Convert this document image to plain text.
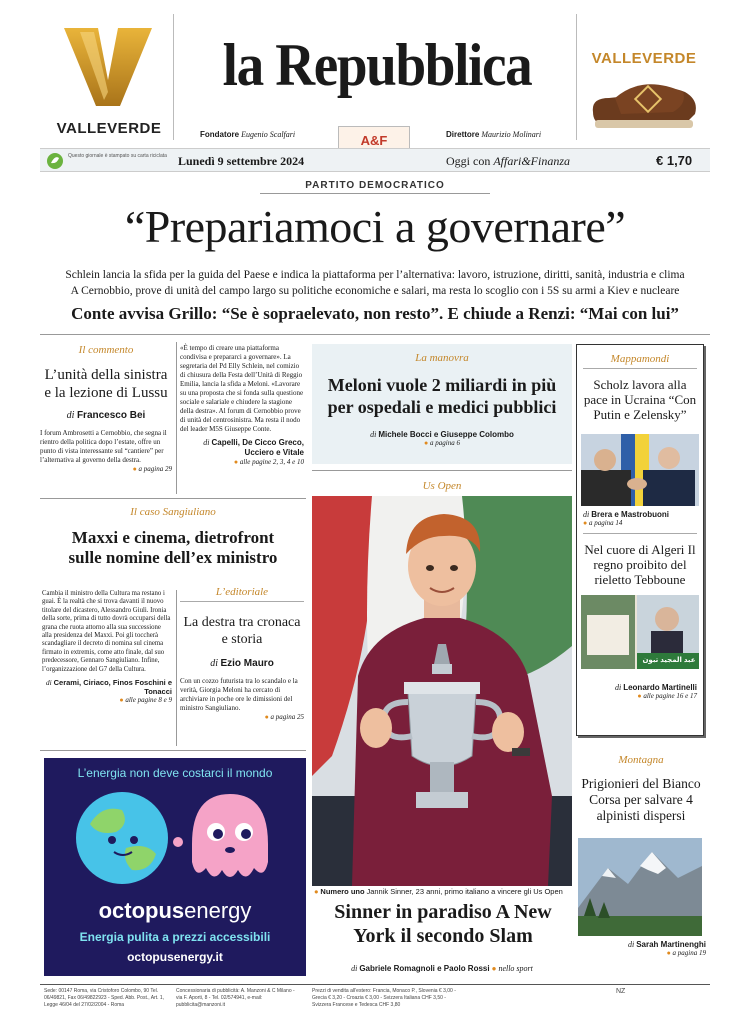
VALLEVERDE
la Repubblica
Fondatore Eugenio Scalfari	A&F	Direttore Maurizio Molinari
VALLEVERDE
Questo giornale è stampato su carta riciclata Lunedì 9 settembre 2024	Oggi con Affari&Finanza	€ 1,70
PARTITO DEMOCRATICO
“Prepariamoci a governare”
Schlein lancia la sfida per la guida del Paese e indica la piattaforma per l’alternativa: lavoro, istruzione, diritti, sanità, industria e clima
A Cernobbio, prove di unità del campo largo su politiche economiche e salari, ma resta lo scoglio con i 5S su armi a Kiev e nucleare
Conte avvisa Grillo: “Se è sopraelevato, non resto”. E chiude a Renzi: “Mai con lui”
Il commento
L’unità della sinistra e la lezione di Lussu
di Francesco Bei
I forum Ambrosetti a Cernobbio, che segna il rientro della politica dopo l’estate, offre un punto di vista interessante sul “cantiere” per l’alternativa al governo della destra.
● a pagina 29
«È tempo di creare una piattaforma condivisa e prepararci a governare». La segretaria del Pd Elly Schlein, nel comizio di chiusura della Festa dell’Unità di Reggio Emilia, lancia la sfida a Meloni. «Lavorare su una proposta che si fonda sulla questione sociale e salariale e chiudere la stagione della destra». Al forum di Cernobbio prove di unità del centrosinistra. Ma resta il nodo del leader M5S Giuseppe Conte.
di Capelli, De Cicco Greco, Ucciero e Vitale
● alle pagine 2, 3, 4 e 10
La manovra
Meloni vuole 2 miliardi in più per ospedali e medici pubblici
di Michele Bocci e Giuseppe Colombo
● a pagina 6
Us Open
● Numero uno Jannik Sinner, 23 anni, primo italiano a vincere gli Us Open
Sinner in paradiso A New York il secondo Slam
di Gabriele Romagnoli e Paolo Rossi ● nello sport
Mappamondi
Scholz lavora alla pace in Ucraina “Con Putin e Zelensky”
di Brera e Mastrobuoni
● a pagina 14
Nel cuore di Algeri Il regno proibito del rieletto Tebboune
عبد المجيد تبون
di Leonardo Martinelli
● alle pagine 16 e 17
Montagna
Prigionieri del Bianco Corsa per salvare 4 alpinisti dispersi
di Sarah Martinenghi
● a pagina 19
Il caso Sangiuliano
Maxxi e cinema, dietrofront sulle nomine dell’ex ministro
Cambia il ministro della Cultura ma restano i guai. È la realtà che si trova davanti il nuovo titolare del dicastero, Alessandro Giuli. Ironia della sorte, prima di tutto dovrà occuparsi della grana che ruota attorno alla sua successione alla presidenza del Maxxi. Poi gli toccherà scandagliare il decreto di nomina sul cinema firmato in extremis, come atto finale, dal suo predecessore, Gennaro Sangiuliano. Infine, l’organizzazione del G7 della Cultura.
di Cerami, Ciriaco, Finos Foschini e Tonacci
● alle pagine 8 e 9
L’editoriale
La destra tra cronaca e storia
di Ezio Mauro
Con un cozzo futurista tra lo scandalo e la verità, Giorgia Meloni ha cercato di archiviare in poche ore le dimissioni del ministro Sangiuliano.
● a pagina 25
L’energia non deve costarci il mondo
octopusenergy
Energia pulita a prezzi accessibili
octopusenergy.it
Sede: 00147 Roma, via Cristoforo Colombo, 90 Tel. 06/49821, Fax 06/49822923 - Sped. Abb. Post., Art. 1, Legge 46/04 del 27/02/2004 - Roma
Concessionaria di pubblicità: A. Manzoni & C Milano - via F. Aporti, 8 - Tel. 02/574941, e-mail: pubblicita@manzoni.it
Prezzi di vendita all’estero: Francia, Monaco P., Slovenia € 3,00 - Grecia € 3,20 - Croazia € 3,00 - Svizzera Italiana CHF 3,50 - Svizzera Francese e Tedesca CHF 3,80
NZ
